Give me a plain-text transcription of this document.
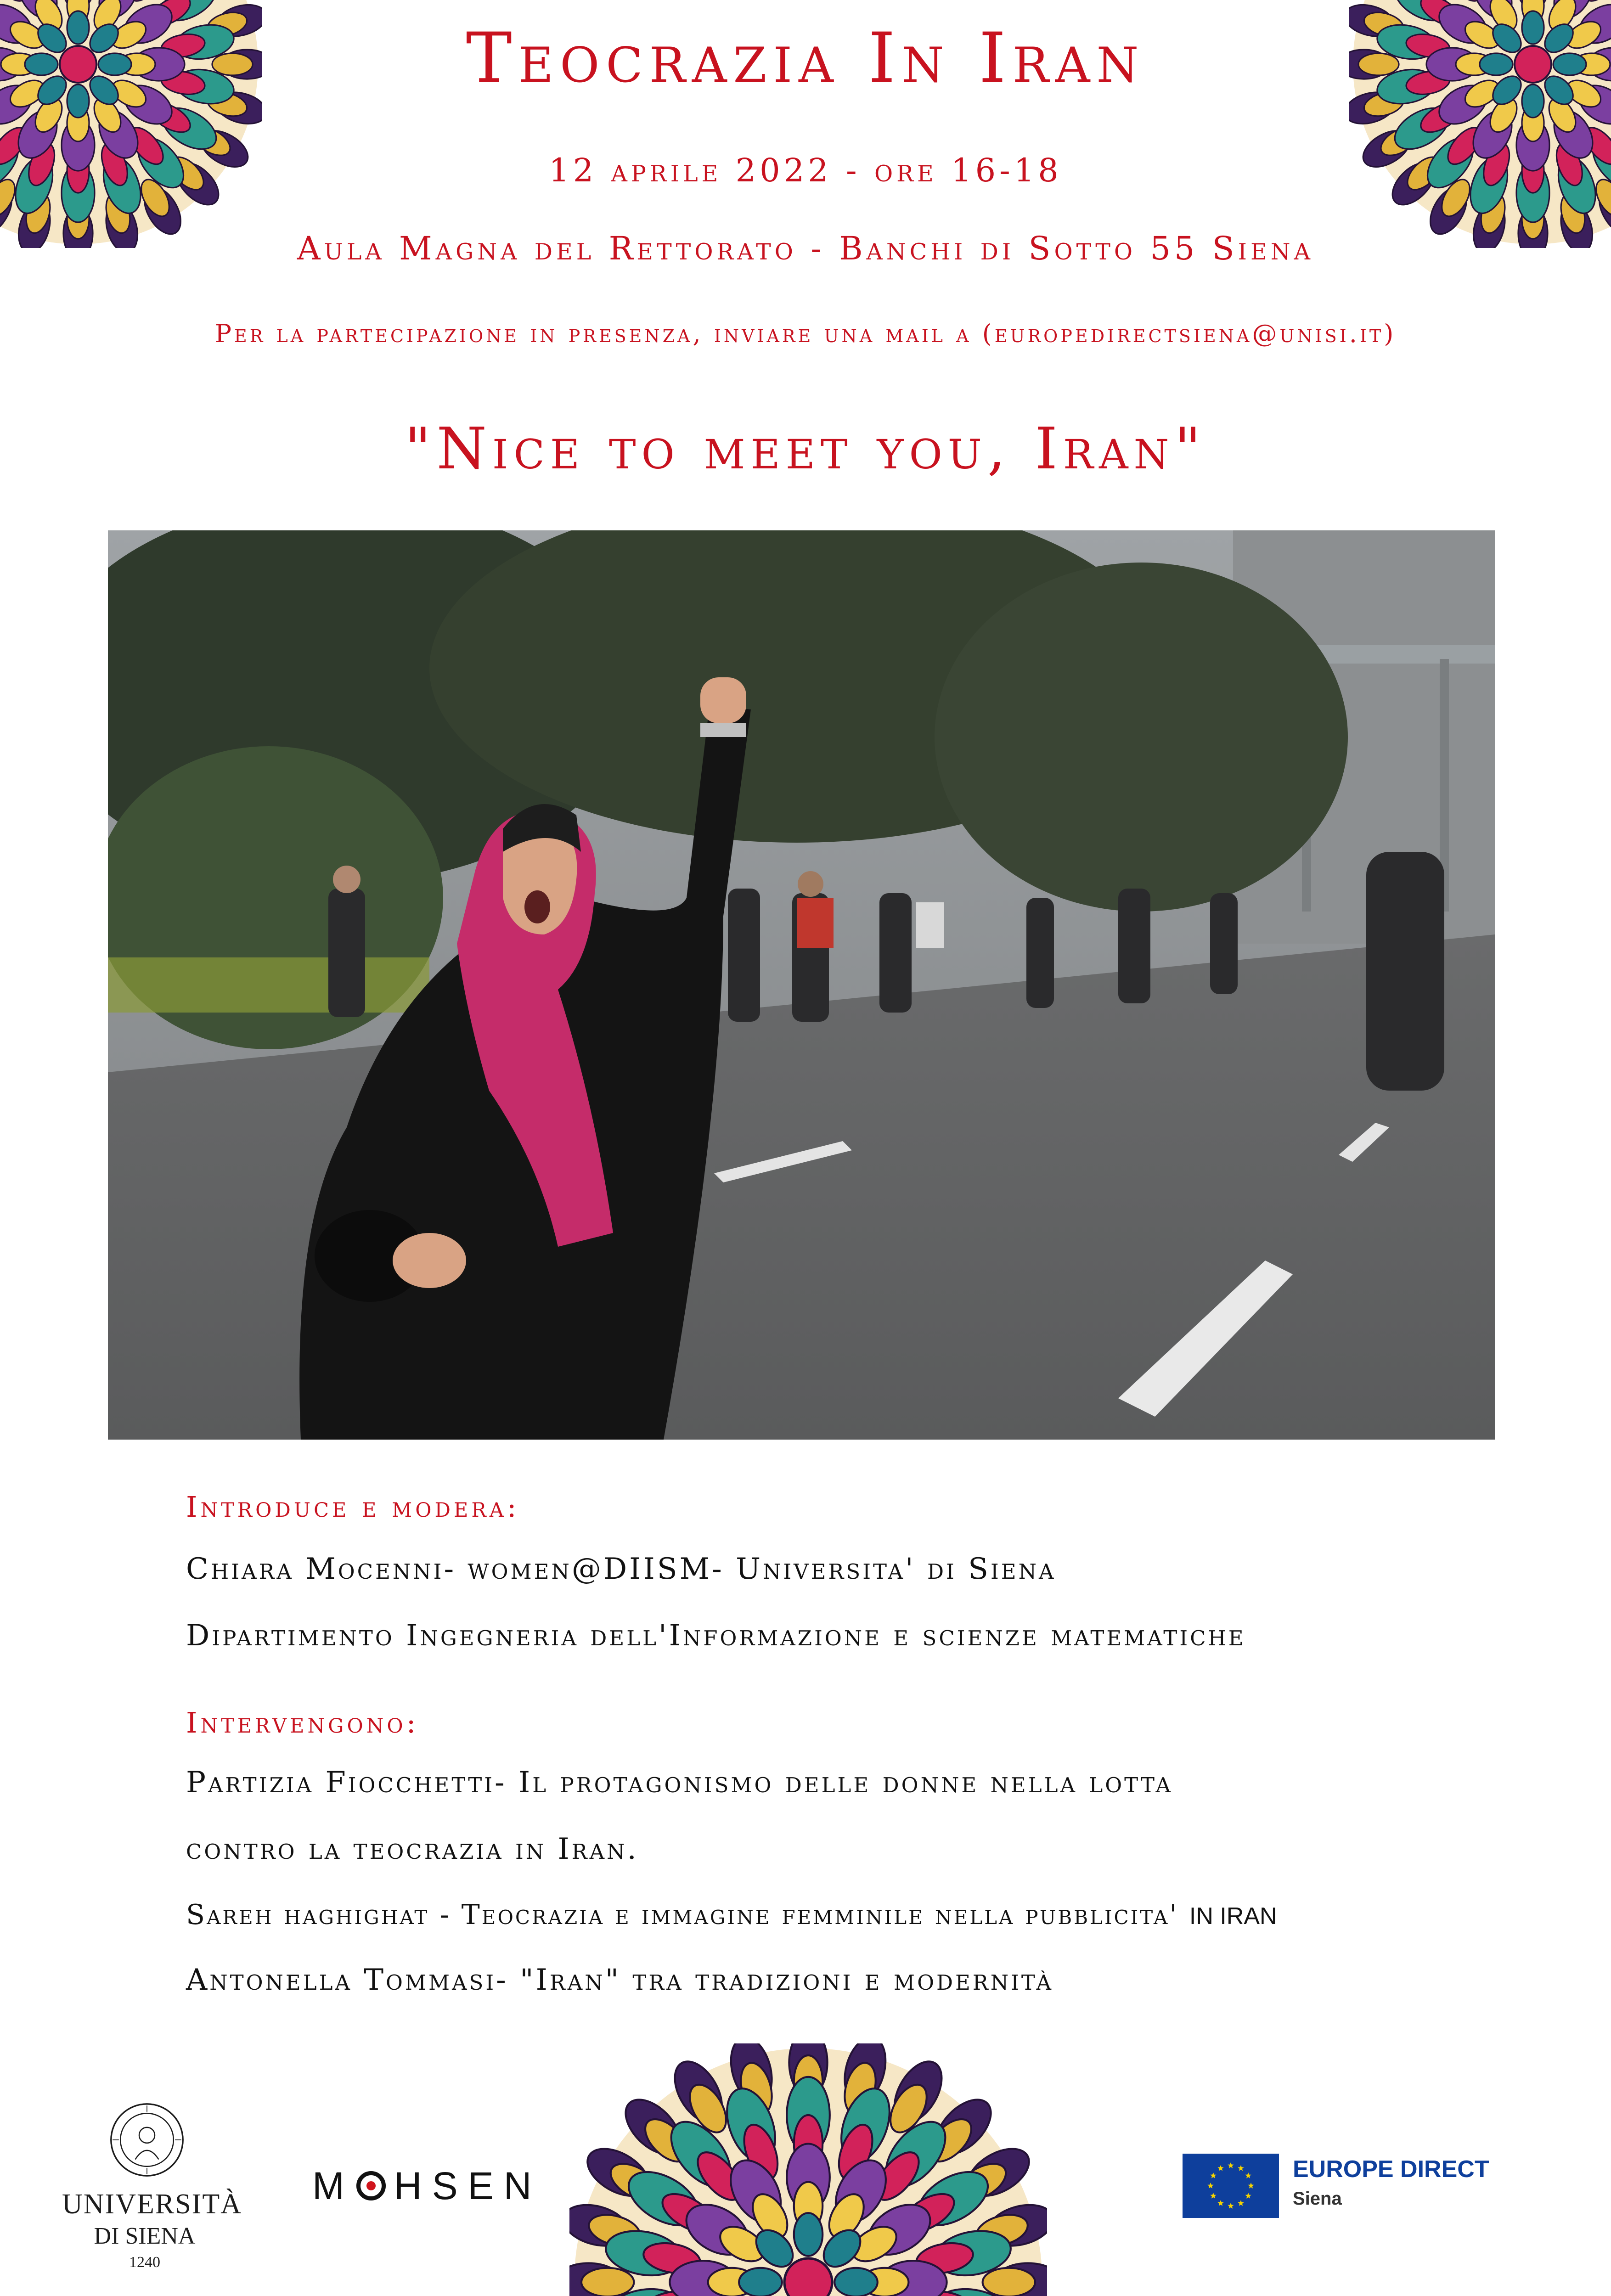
Teocrazia In Iran
12 aprile 2022 - ore 16-18
Aula Magna del Rettorato - Banchi di Sotto 55 Siena
Per la partecipazione in presenza, inviare una mail a (europedirectsiena@unisi.it)
"Nice to meet you, Iran"
Introduce e modera:
Chiara Mocenni- women@DIISM- Universita' di Siena
Dipartimento Ingegneria dell'Informazione e scienze matematiche
Intervengono:
Partizia Fiocchetti- Il protagonismo delle donne nella lotta
contro la teocrazia in Iran.
Sareh haghighat - Teocrazia e immagine femminile nella pubblicita' IN IRAN
Antonella Tommasi- "Iran" tra tradizioni e modernità
UNIVERSITÀ
DI SIENA
1240
M HSEN	EUROPE DIRECT
Siena
